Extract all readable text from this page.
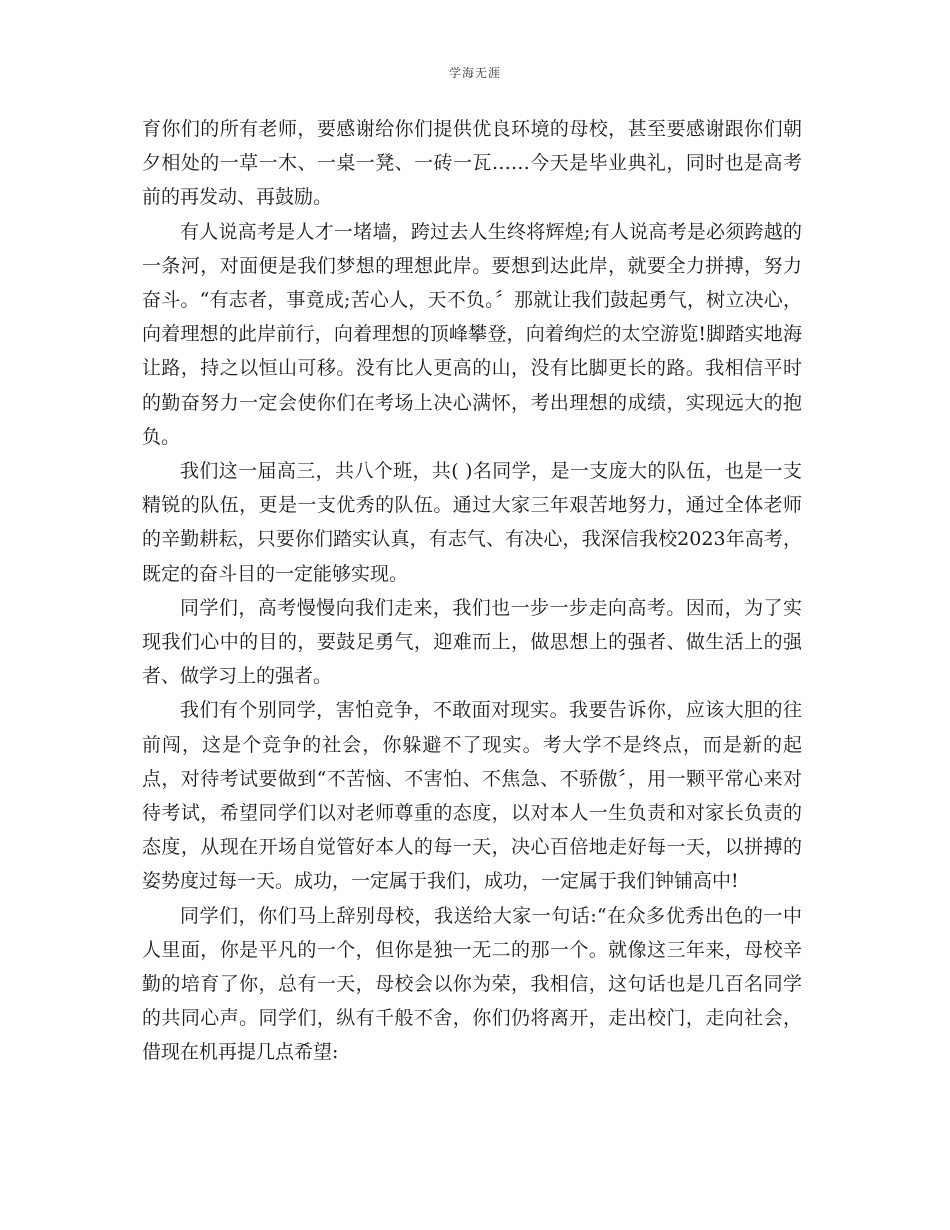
学海无涯

育你们的所有老师，要感谢给你们提供优良环境的母校，甚至要感谢跟你们朝夕相处的一草一木、一桌一凳、一砖一瓦……今天是毕业典礼，同时也是高考前的再发动、再鼓励。

有人说高考是人才一堵墙，跨过去人生终将辉煌;有人说高考是必须跨越的一条河，对面便是我们梦想的理想此岸。要想到达此岸，就要全力拼搏，努力奋斗。“有志者，事竟成;苦心人，天不负。〞那就让我们鼓起勇气，树立决心，向着理想的此岸前行，向着理想的顶峰攀登，向着绚烂的太空游览!脚踏实地海让路，持之以恒山可移。没有比人更高的山，没有比脚更长的路。我相信平时的勤奋努力一定会使你们在考场上决心满怀，考出理想的成绩，实现远大的抱负。

我们这一届高三，共八个班，共( )名同学，是一支庞大的队伍，也是一支精锐的队伍，更是一支优秀的队伍。通过大家三年艰苦地努力，通过全体老师的辛勤耕耘，只要你们踏实认真，有志气、有决心，我深信我校2023年高考，既定的奋斗目的一定能够实现。

同学们，高考慢慢向我们走来，我们也一步一步走向高考。因而，为了实现我们心中的目的，要鼓足勇气，迎难而上，做思想上的强者、做生活上的强者、做学习上的强者。

我们有个别同学，害怕竞争，不敢面对现实。我要告诉你，应该大胆的往前闯，这是个竞争的社会，你躲避不了现实。考大学不是终点，而是新的起点，对待考试要做到“不苦恼、不害怕、不焦急、不骄傲〞，用一颗平常心来对待考试，希望同学们以对老师尊重的态度，以对本人一生负责和对家长负责的态度，从现在开场自觉管好本人的每一天，决心百倍地走好每一天，以拼搏的姿势度过每一天。成功，一定属于我们，成功，一定属于我们钟铺高中!

同学们，你们马上辞别母校，我送给大家一句话:“在众多优秀出色的一中人里面，你是平凡的一个，但你是独一无二的那一个。就像这三年来，母校辛勤的培育了你，总有一天，母校会以你为荣，我相信，这句话也是几百名同学的共同心声。同学们，纵有千般不舍，你们仍将离开，走出校门，走向社会，借现在机再提几点希望:
